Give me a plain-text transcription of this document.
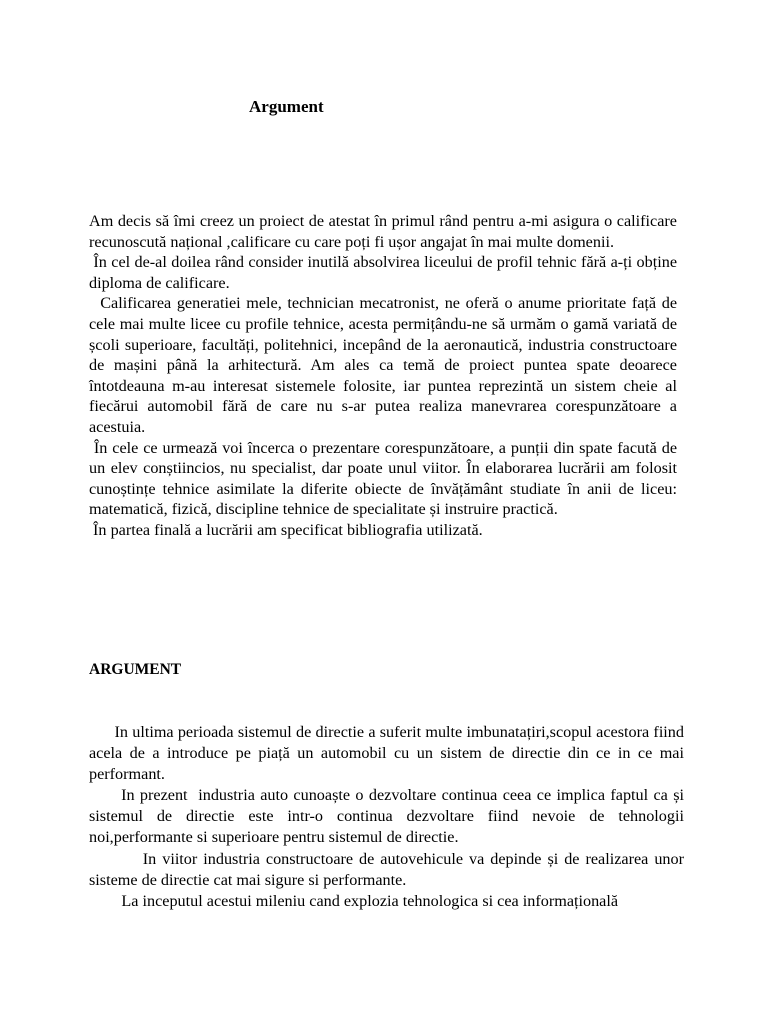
Argument

Am decis să îmi creez un proiect de atestat în primul rând pentru a-mi asigura o calificare recunoscută național ,calificare cu care poți fi ușor angajat în mai multe domenii.

În cel de-al doilea rând consider inutilă absolvirea liceului de profil tehnic fără a-ți obține diploma de calificare.

Calificarea generatiei mele, technician mecatronist, ne oferă o anume prioritate față de cele mai multe licee cu profile tehnice, acesta permițându-ne să urmăm o gamă variată de școli superioare, facultăți, politehnici, incepând de la aeronautică, industria constructoare de mașini până la arhitectură. Am ales ca temă de proiect puntea spate deoarece întotdeauna m-au interesat sistemele folosite, iar puntea reprezintă un sistem cheie al fiecărui automobil fără de care nu s-ar putea realiza manevrarea corespunzătoare a acestuia.

În cele ce urmează voi încerca o prezentare corespunzătoare, a punții din spate facută de un elev conștiincios, nu specialist, dar poate unul viitor. În elaborarea lucrării am folosit cunoștințe tehnice asimilate la diferite obiecte de învățământ studiate în anii de liceu: matematică, fizică, discipline tehnice de specialitate și instruire practică.

În partea finală a lucrării am specificat bibliografia utilizată.

ARGUMENT

In ultima perioada sistemul de directie a suferit multe imbunatațiri,scopul acestora fiind acela de a introduce pe piață un automobil cu un sistem de directie din ce in ce mai performant.

In prezent  industria auto cunoaște o dezvoltare continua ceea ce implica faptul ca și sistemul de directie este intr-o continua dezvoltare fiind nevoie de tehnologii noi,performante si superioare pentru sistemul de directie.

In viitor industria constructoare de autovehicule va depinde și de realizarea unor sisteme de directie cat mai sigure si performante.

La inceputul acestui mileniu cand explozia tehnologica si cea informațională
